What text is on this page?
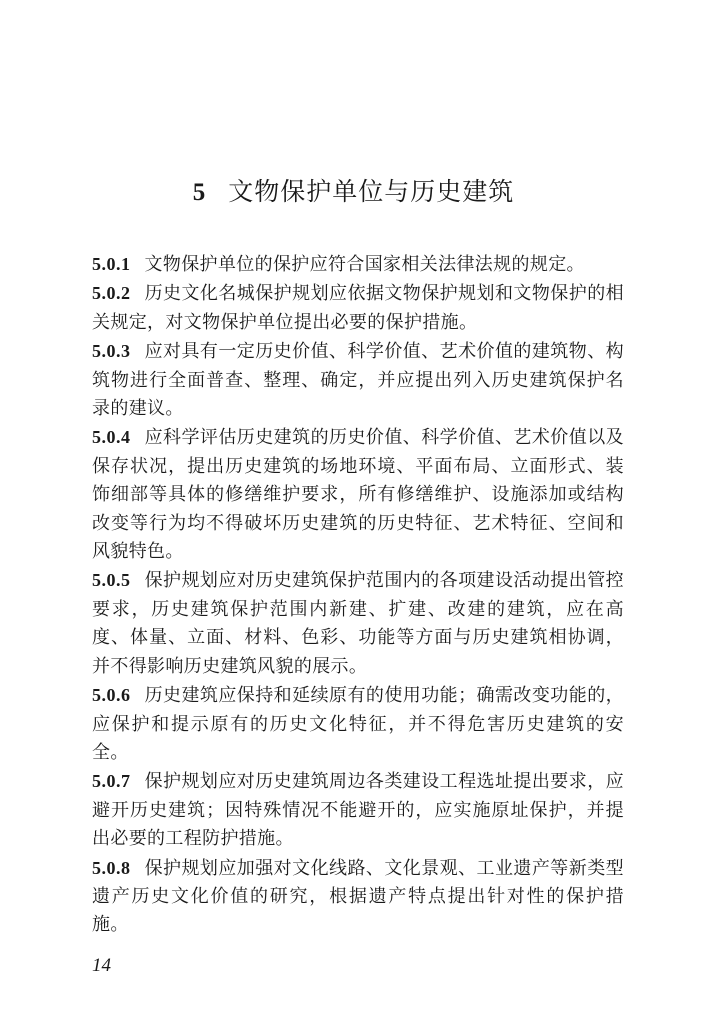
5 文物保护单位与历史建筑

5.0.1 文物保护单位的保护应符合国家相关法律法规的规定。

5.0.2 历史文化名城保护规划应依据文物保护规划和文物保护的相关规定，对文物保护单位提出必要的保护措施。

5.0.3 应对具有一定历史价值、科学价值、艺术价值的建筑物、构筑物进行全面普查、整理、确定，并应提出列入历史建筑保护名录的建议。

5.0.4 应科学评估历史建筑的历史价值、科学价值、艺术价值以及保存状况，提出历史建筑的场地环境、平面布局、立面形式、装饰细部等具体的修缮维护要求，所有修缮维护、设施添加或结构改变等行为均不得破坏历史建筑的历史特征、艺术特征、空间和风貌特色。

5.0.5 保护规划应对历史建筑保护范围内的各项建设活动提出管控要求，历史建筑保护范围内新建、扩建、改建的建筑，应在高度、体量、立面、材料、色彩、功能等方面与历史建筑相协调，并不得影响历史建筑风貌的展示。

5.0.6 历史建筑应保持和延续原有的使用功能；确需改变功能的，应保护和提示原有的历史文化特征，并不得危害历史建筑的安全。

5.0.7 保护规划应对历史建筑周边各类建设工程选址提出要求，应避开历史建筑；因特殊情况不能避开的，应实施原址保护，并提出必要的工程防护措施。

5.0.8 保护规划应加强对文化线路、文化景观、工业遗产等新类型遗产历史文化价值的研究，根据遗产特点提出针对性的保护措施。

14
